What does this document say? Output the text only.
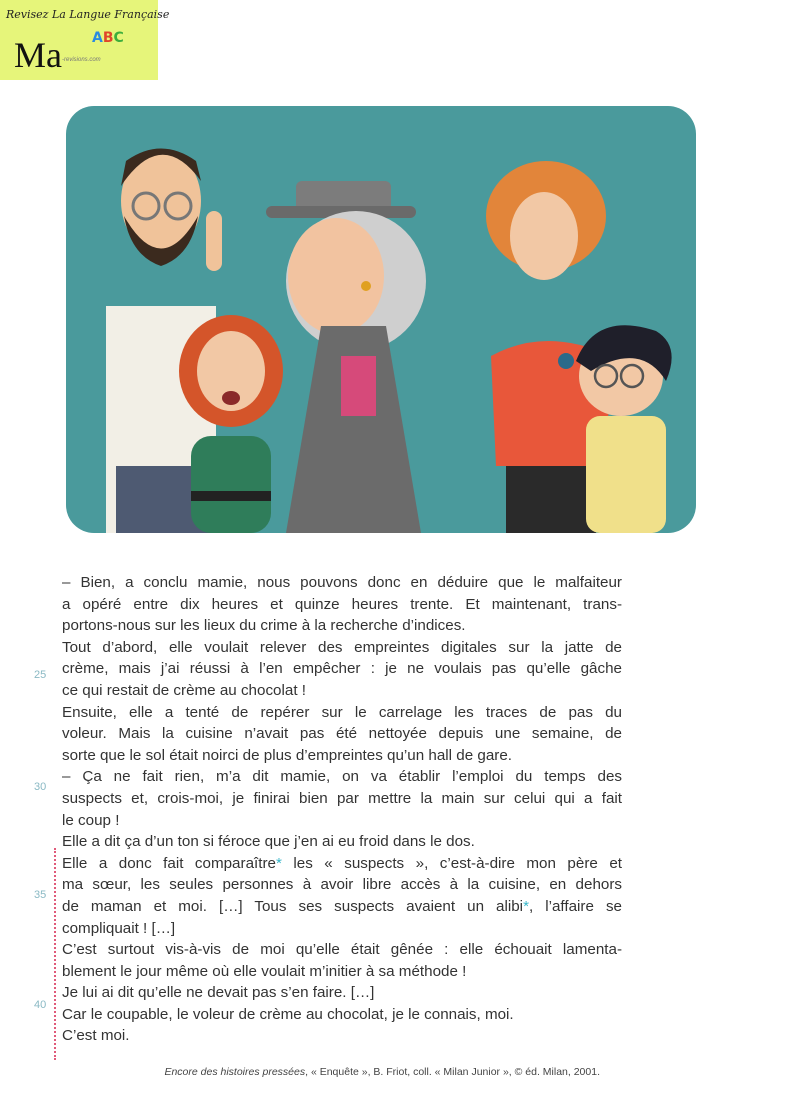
Revisez La Langue Française
Ma ABC
-revisions.com
25
30
35
40
– Bien, a conclu mamie, nous pouvons donc en déduire que le malfaiteur
a opéré entre dix heures et quinze heures trente. Et maintenant, trans-
portons-nous sur les lieux du crime à la recherche d’indices.
Tout d’abord, elle voulait relever des empreintes digitales sur la jatte de
crème, mais j’ai réussi à l’en empêcher : je ne voulais pas qu’elle gâche
ce qui restait de crème au chocolat !
Ensuite, elle a tenté de repérer sur le carrelage les traces de pas du
voleur. Mais la cuisine n’avait pas été nettoyée depuis une semaine, de
sorte que le sol était noirci de plus d’empreintes qu’un hall de gare.
– Ça ne fait rien, m’a dit mamie, on va établir l’emploi du temps des
suspects et, crois-moi, je finirai bien par mettre la main sur celui qui a fait
le coup !
Elle a dit ça d’un ton si féroce que j’en ai eu froid dans le dos.
Elle a donc fait comparaître* les « suspects », c’est-à-dire mon père et
ma sœur, les seules personnes à avoir libre accès à la cuisine, en dehors
de maman et moi. […] Tous ses suspects avaient un alibi*, l’affaire se
compliquait ! […]
C’est surtout vis-à-vis de moi qu’elle était gênée : elle échouait lamenta-
blement le jour même où elle voulait m’initier à sa méthode !
Je lui ai dit qu’elle ne devait pas s’en faire. […]
Car le coupable, le voleur de crème au chocolat, je le connais, moi.
C’est moi.
Encore des histoires pressées, « Enquête », B. Friot, coll. « Milan Junior », © éd. Milan, 2001.
